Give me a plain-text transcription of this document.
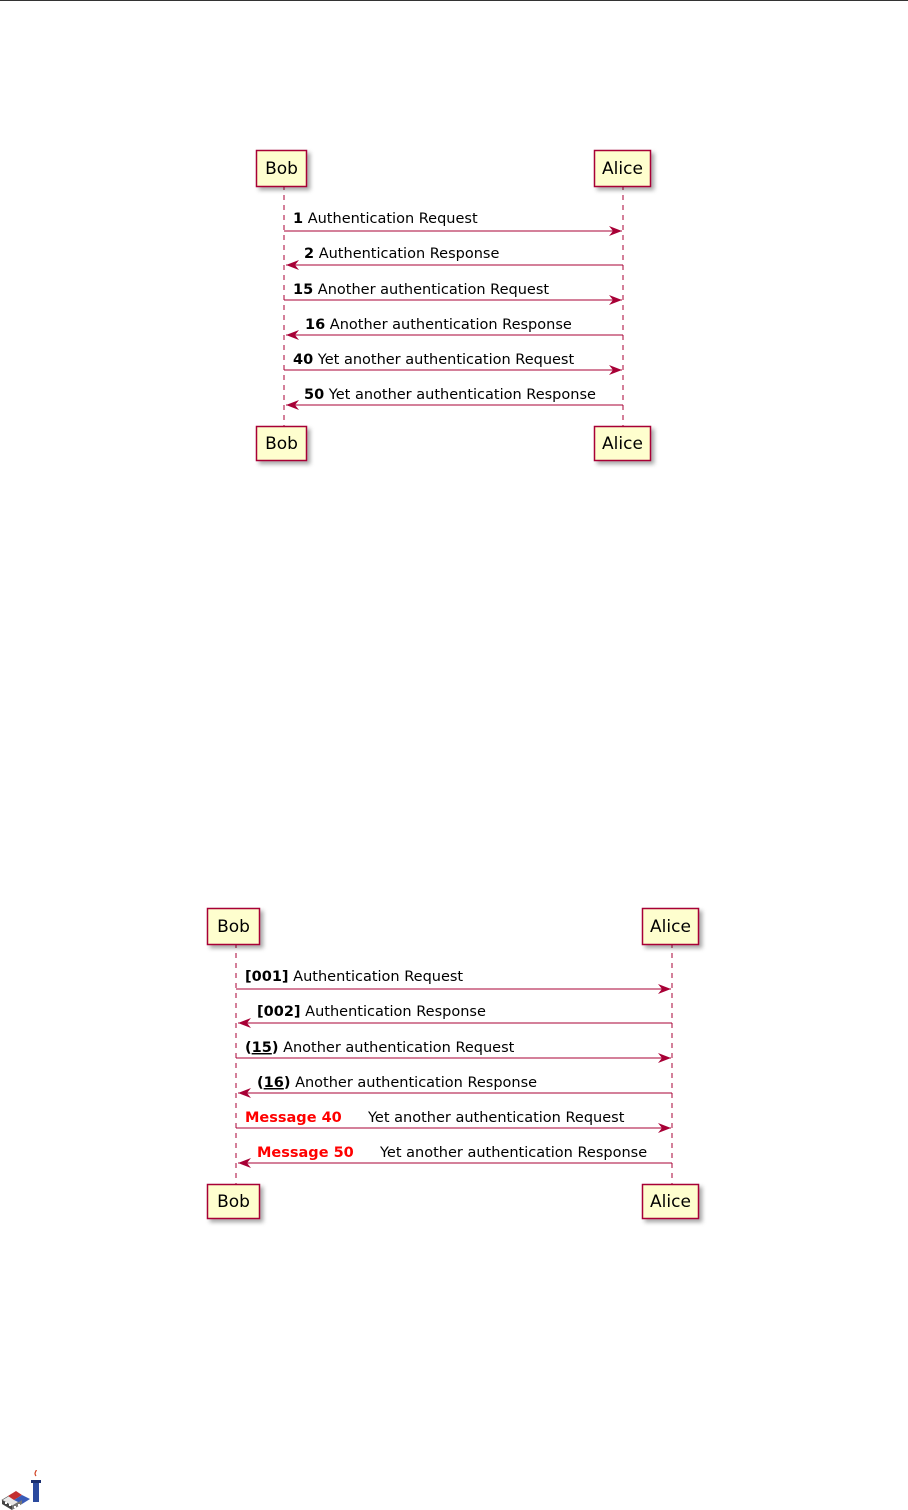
Bob	Alice
1 Authentication Request
2 Authentication Response
15 Another authentication Request
16 Another authentication Response
40 Yet another authentication Request
50 Yet another authentication Response
Bob	Alice
Bob	Alice
[001] Authentication Request
[002] Authentication Response
(15) Another authentication Request
(16) Another authentication Response
Message 40 Yet another authentication Request
Message 50 Yet another authentication Response
Bob	Alice
